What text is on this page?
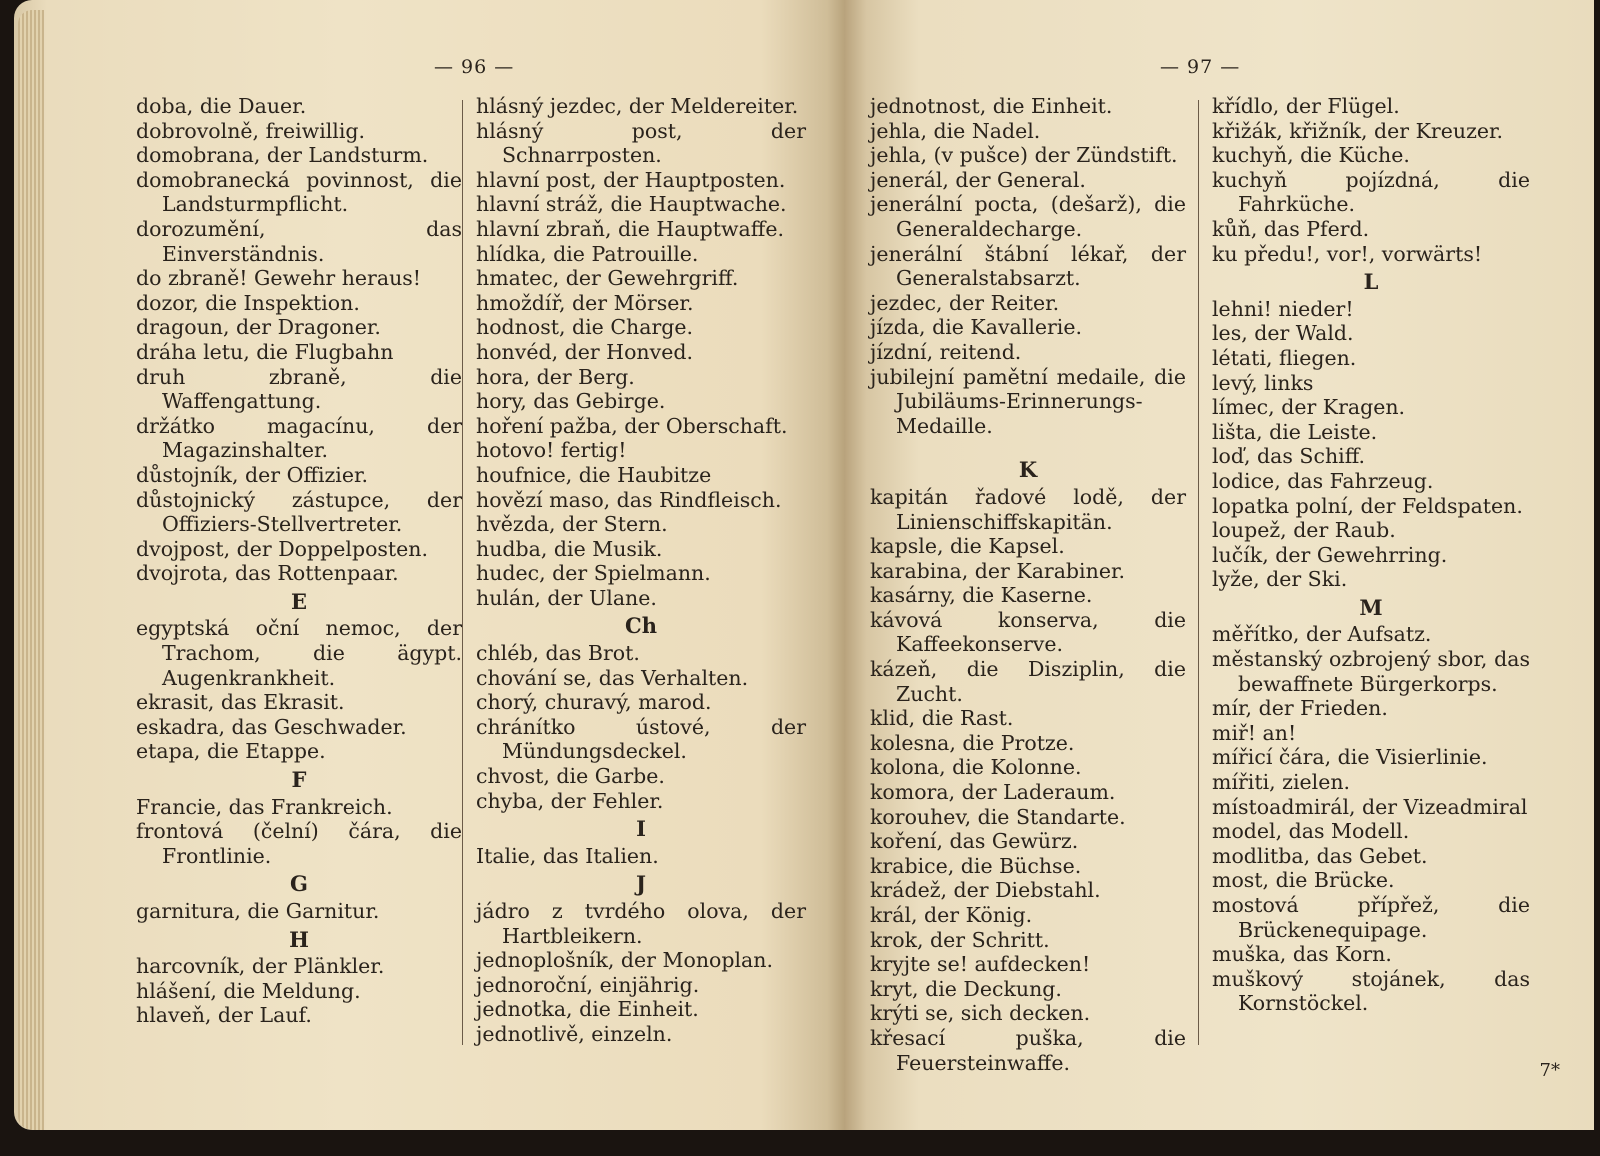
— 96 —
doba, die Dauer.
dobrovolně, freiwillig.
domobrana, der Landsturm.
domobranecká povinnost, die Landsturmpflicht.
dorozumění, das Einverständnis.
do zbraně! Gewehr heraus!
dozor, die Inspektion.
dragoun, der Dragoner.
dráha letu, die Flugbahn
druh zbraně, die Waffengattung.
držátko magacínu, der Magazinshalter.
důstojník, der Offizier.
důstojnický zástupce, der Offiziers-Stellvertreter.
dvojpost, der Doppelposten.
dvojrota, das Rottenpaar.
E
egyptská oční nemoc, der Trachom, die ägypt. Augenkrankheit.
ekrasit, das Ekrasit.
eskadra, das Geschwader.
etapa, die Etappe.
F
Francie, das Frankreich.
frontová (čelní) čára, die Frontlinie.
G
garnitura, die Garnitur.
H
harcovník, der Plänkler.
hlášení, die Meldung.
hlaveň, der Lauf.
hlásný jezdec, der Meldereiter.
hlásný post, der Schnarrposten.
hlavní post, der Hauptposten.
hlavní stráž, die Hauptwache.
hlavní zbraň, die Hauptwaffe.
hlídka, die Patrouille.
hmatec, der Gewehrgriff.
hmoždíř, der Mörser.
hodnost, die Charge.
honvéd, der Honved.
hora, der Berg.
hory, das Gebirge.
hoření pažba, der Oberschaft.
hotovo! fertig!
houfnice, die Haubitze
hovězí maso, das Rindfleisch.
hvězda, der Stern.
hudba, die Musik.
hudec, der Spielmann.
hulán, der Ulane.
Ch
chléb, das Brot.
chování se, das Verhalten.
chorý, churavý, marod.
chránítko ústové, der Mündungsdeckel.
chvost, die Garbe.
chyba, der Fehler.
I
Italie, das Italien.
J
jádro z tvrdého olova, der Hartbleikern.
jednoplošník, der Monoplan.
jednoroční, einjährig.
jednotka, die Einheit.
jednotlivě, einzeln.
— 97 —
jednotnost, die Einheit.
jehla, die Nadel.
jehla, (v pušce) der Zündstift.
jenerál, der General.
jenerální pocta, (dešarž), die Generaldecharge.
jenerální štábní lékař, der Generalstabsarzt.
jezdec, der Reiter.
jízda, die Kavallerie.
jízdní, reitend.
jubilejní pamětní medaile, die Jubiläums-Erinnerungs-Medaille.
K
kapitán řadové lodě, der Linienschiffskapitän.
kapsle, die Kapsel.
karabina, der Karabiner.
kasárny, die Kaserne.
kávová konserva, die Kaffeekonserve.
kázeň, die Disziplin, die Zucht.
klid, die Rast.
kolesna, die Protze.
kolona, die Kolonne.
komora, der Laderaum.
korouhev, die Standarte.
koření, das Gewürz.
krabice, die Büchse.
krádež, der Diebstahl.
král, der König.
krok, der Schritt.
kryjte se! aufdecken!
kryt, die Deckung.
krýti se, sich decken.
křesací puška, die Feuersteinwaffe.
křídlo, der Flügel.
křižák, křižník, der Kreuzer.
kuchyň, die Küche.
kuchyň pojízdná, die Fahrküche.
kůň, das Pferd.
ku předu!, vor!, vorwärts!
L
lehni! nieder!
les, der Wald.
létati, fliegen.
levý, links
límec, der Kragen.
lišta, die Leiste.
loď, das Schiff.
lodice, das Fahrzeug.
lopatka polní, der Feldspaten.
loupež, der Raub.
lučík, der Gewehrring.
lyže, der Ski.
M
měřítko, der Aufsatz.
městanský ozbrojený sbor, das bewaffnete Bürgerkorps.
mír, der Frieden.
miř! an!
mířicí čára, die Visierlinie.
mířiti, zielen.
místoadmirál, der Vizeadmiral
model, das Modell.
modlitba, das Gebet.
most, die Brücke.
mostová přípřež, die Brückenequipage.
muška, das Korn.
muškový stojánek, das Kornstöckel.
7*
